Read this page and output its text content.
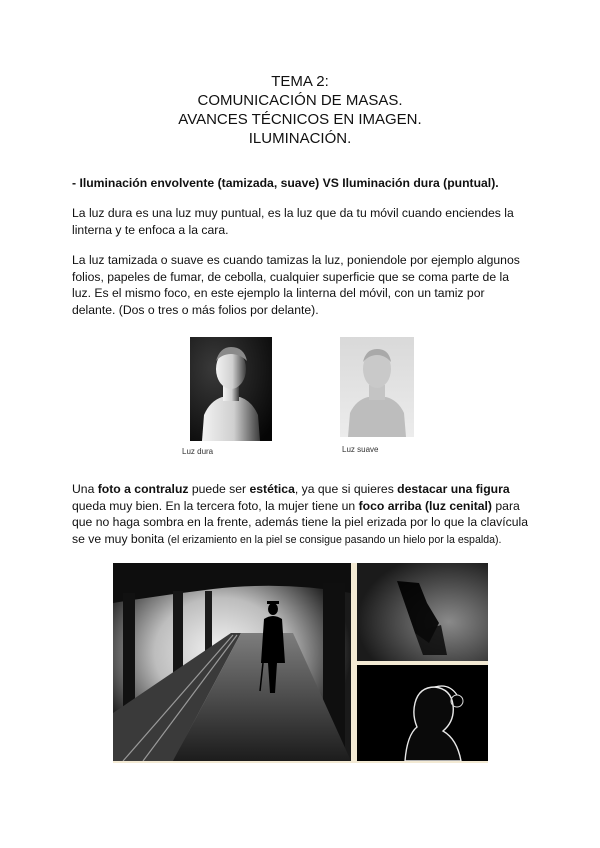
TEMA 2:
COMUNICACIÓN DE MASAS.
AVANCES TÉCNICOS EN IMAGEN.
ILUMINACIÓN.
- Iluminación envolvente (tamizada, suave) VS Iluminación dura (puntual).
La luz dura es una luz muy puntual, es la luz que da tu móvil cuando enciendes la
linterna y te enfoca a la cara.
La luz tamizada o suave es cuando tamizas la luz, poniendole por ejemplo algunos
folios, papeles de fumar, de cebolla, cualquier superficie que se coma parte de la
luz. Es el mismo foco, en este ejemplo la linterna del móvil, con un tamiz por
delante. (Dos o tres o más folios por delante).
Luz dura	Luz suave
Una foto a contraluz puede ser estética, ya que si quieres destacar una figura
queda muy bien. En la tercera foto, la mujer tiene un foco arriba (luz cenital) para
que no haga sombra en la frente, además tiene la piel erizada por lo que la clavícula
se ve muy bonita (el erizamiento en la piel se consigue pasando un hielo por la espalda).
